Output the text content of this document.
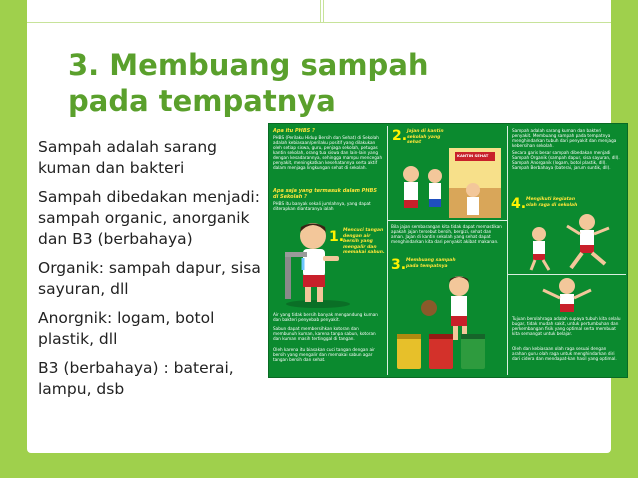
3. Membuang sampah pada tempatnya

Sampah adalah sarang kuman dan bakteri

Sampah dibedakan menjadi: sampah organic, anorganik dan B3 (berbahaya)

Organik: sampah dapur, sisa sayuran, dll

Anorgnik: logam, botol plastik, dll

B3 (berbahaya) : baterai, lampu, dsb

Apa itu PHBS ?
PHBS (Perilaku Hidup Bersih dan Sehat) di Sekolah adalah kebiasaan/perilaku positif yang dilakukan oleh setiap siswa, guru, penjaga sekolah, petugas kantin sekolah, orang tua siswa dan lain-lain yang dengan kesadarannya, sehingga mampu mencegah penyakit, meningkatkan kesehatannya serta aktif dalam menjaga lingkungan sehat di sekolah.
Apa saja yang termasuk dalam PHBS di Sekolah ?
PHBS itu banyak sekali jumlahnya, yang dapat diterapkan diantaranya ialah
1.
Mencuci tangan dengan air bersih yang mengalir dan memakai sabun.
Air yang tidak bersih banyak mengandung kuman dan bakteri penyebab penyakit.
Sabun dapat membersihkan kotoran dan membunuh kuman, karena tanpa sabun, kotoran dan kuman masih tertinggal di tangan.
Oleh karena itu biasakan cuci tangan dengan air bersih yang mengalir dan memakai sabun agar tangan bersih dan sehat.
2. Jajan di kantin sekolah yang sehat
KANTIN SEHAT
Bila jajan sembarangan kita tidak dapat memastikan apakah jajan tersebut bersih, bergizi, sehat dan aman. Jajan di kantin sekolah yang sehat dapat menghindarkan kita dari penyakit akibat makanan.
3. Membuang sampah pada tempatnya
Sampah adalah sarang kuman dan bakteri penyakit. Membuang sampah pada tempatnya menghindarkan tubuh dari penyakit dan menjaga kebersihan sekolah.
Secara garis besar sampah dibedakan menjadi Sampah Organik (sampah dapur, sisa sayuran, dll). Sampah Anorganik (logam, botol plastik, dll). Sampah Berbahaya (baterai, jarum suntik, dll).
4. Mengikuti kegiatan olah raga di sekolah
Tujuan berolahraga adalah supaya tubuh kita selalu bugar, tidak mudah sakit, untuk pertumbuhan dan perkembangan fisik yang optimal serta membuat kita semangat untuk belajar.
Oleh dan kebiasaan olah raga sesuai dengan arahan guru olah raga untuk menghindarkan diri dari cidera dan mendapat-kan hasil yang optimal.
